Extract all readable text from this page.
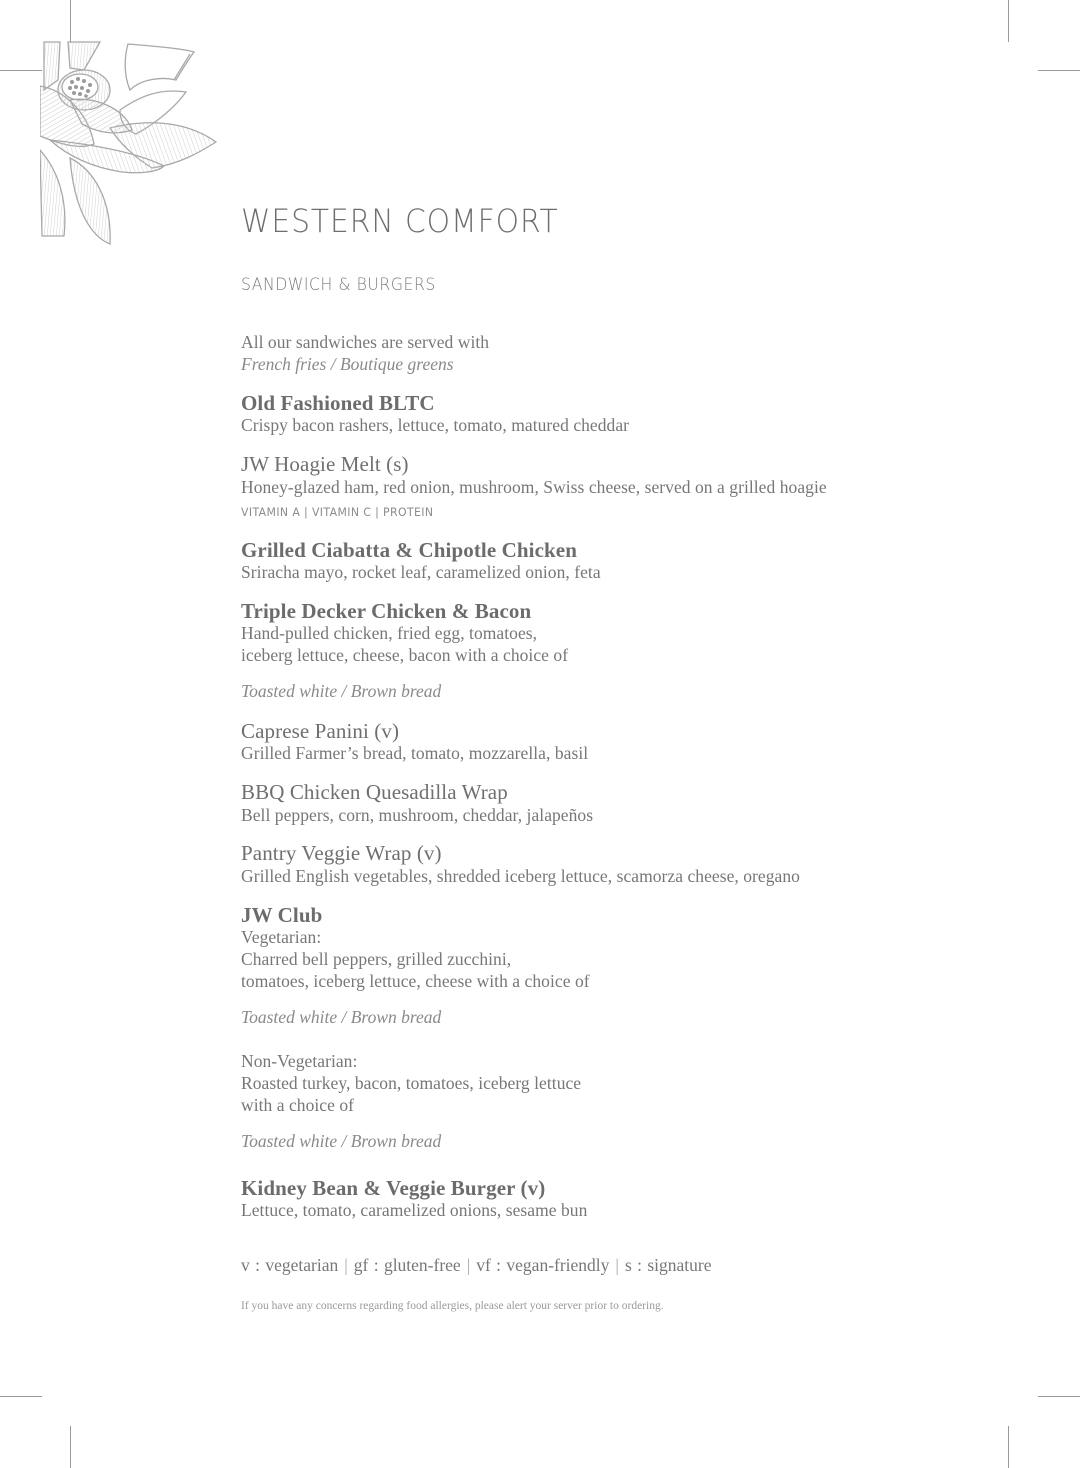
WESTERN COMFORT
SANDWICH & BURGERS
All our sandwiches are served with
French fries / Boutique greens
Old Fashioned BLTC
Crispy bacon rashers, lettuce, tomato, matured cheddar
JW Hoagie Melt (s)
Honey-glazed ham, red onion, mushroom, Swiss cheese, served on a grilled hoagie
VITAMIN A | VITAMIN C | PROTEIN
Grilled Ciabatta & Chipotle Chicken
Sriracha mayo, rocket leaf, caramelized onion, feta
Triple Decker Chicken & Bacon
Hand-pulled chicken, fried egg, tomatoes,
iceberg lettuce, cheese, bacon with a choice of
Toasted white / Brown bread
Caprese Panini (v)
Grilled Farmer’s bread, tomato, mozzarella, basil
BBQ Chicken Quesadilla Wrap
Bell peppers, corn, mushroom, cheddar, jalapeños
Pantry Veggie Wrap (v)
Grilled English vegetables, shredded iceberg lettuce, scamorza cheese, oregano
JW Club
Vegetarian:
Charred bell peppers, grilled zucchini,
tomatoes, iceberg lettuce, cheese with a choice of
Toasted white / Brown bread
Non-Vegetarian:
Roasted turkey, bacon, tomatoes, iceberg lettuce
with a choice of
Toasted white / Brown bread
Kidney Bean & Veggie Burger (v)
Lettuce, tomato, caramelized onions, sesame bun
v : vegetarian | gf : gluten-free | vf : vegan-friendly | s : signature
If you have any concerns regarding food allergies, please alert your server prior to ordering.
